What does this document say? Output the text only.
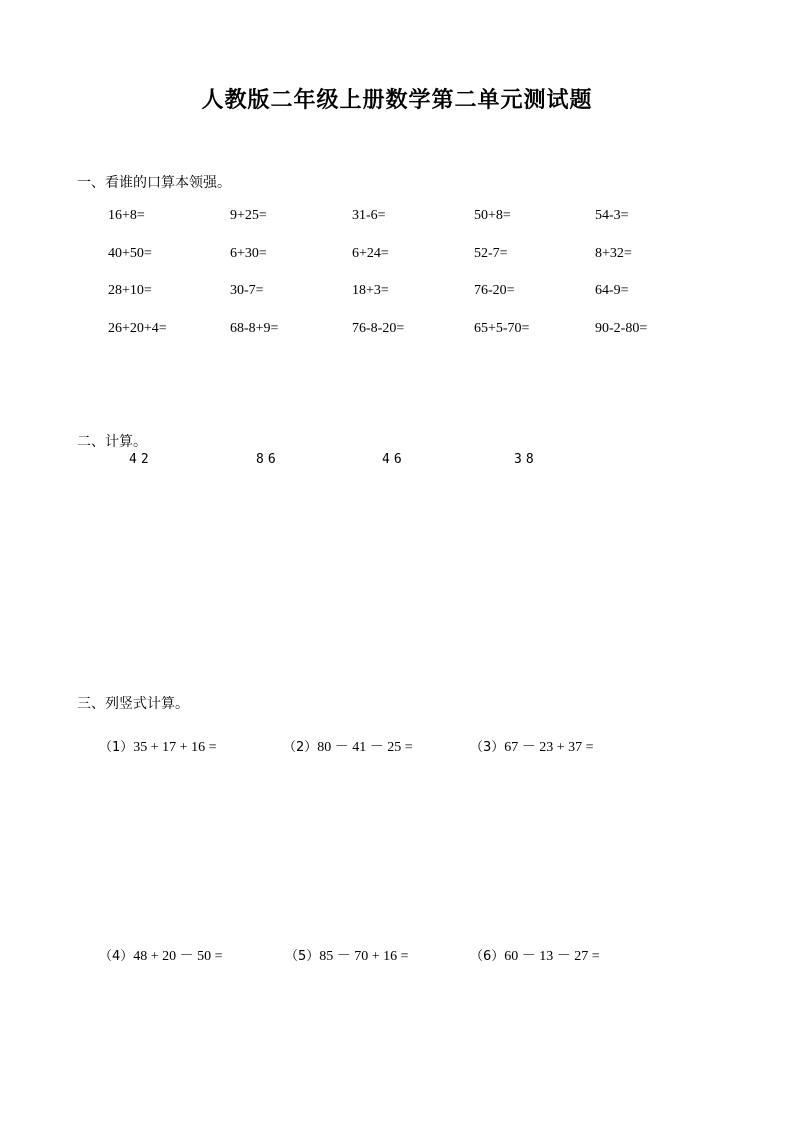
人教版二年级上册数学第二单元测试题
一、看谁的口算本领强。
16+8=	9+25=	31-6=	50+8=	54-3=
40+50=	6+30=	6+24=	52-7=	8+32=
28+10=	30-7=	18+3=	76-20=	64-9=
26+20+4=	68-8+9=	76-8-20=	65+5-70=	90-2-80=
二、计算。
42	86	46	38
三、列竖式计算。
（1）35 + 17 + 16 =	（2）80 － 41 － 25 =	（3）67 － 23 + 37 =
（4）48 + 20 － 50 =	（5）85 － 70 + 16 =	（6）60 － 13 － 27 =
